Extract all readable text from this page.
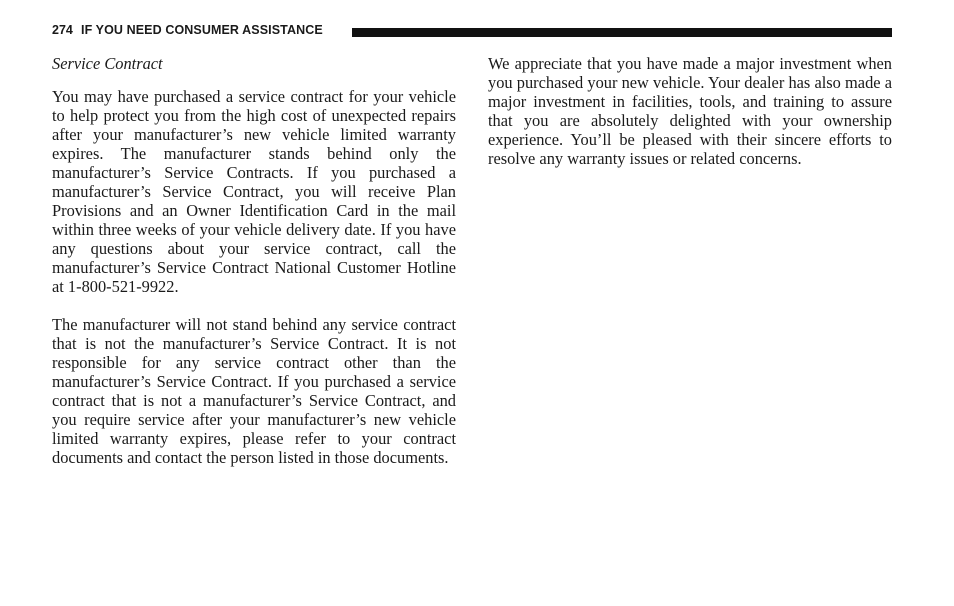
274 IF YOU NEED CONSUMER ASSISTANCE

Service Contract

You may have purchased a service contract for your vehicle to help protect you from the high cost of unexpected repairs after your manufacturer’s new vehicle limited warranty expires. The manufacturer stands behind only the manufacturer’s Service Contracts. If you purchased a manufacturer’s Service Contract, you will receive Plan Provisions and an Owner Identification Card in the mail within three weeks of your vehicle delivery date. If you have any questions about your service contract, call the manufacturer’s Service Contract National Customer Hotline at 1-800-521-9922.

The manufacturer will not stand behind any service contract that is not the manufacturer’s Service Contract. It is not responsible for any service contract other than the manufacturer’s Service Contract. If you purchased a service contract that is not a manufacturer’s Service Contract, and you require service after your manufacturer’s new vehicle limited warranty expires, please refer to your contract documents and contact the person listed in those documents.

We appreciate that you have made a major investment when you purchased your new vehicle. Your dealer has also made a major investment in facilities, tools, and training to assure that you are absolutely delighted with your ownership experience. You’ll be pleased with their sincere efforts to resolve any warranty issues or related concerns.
